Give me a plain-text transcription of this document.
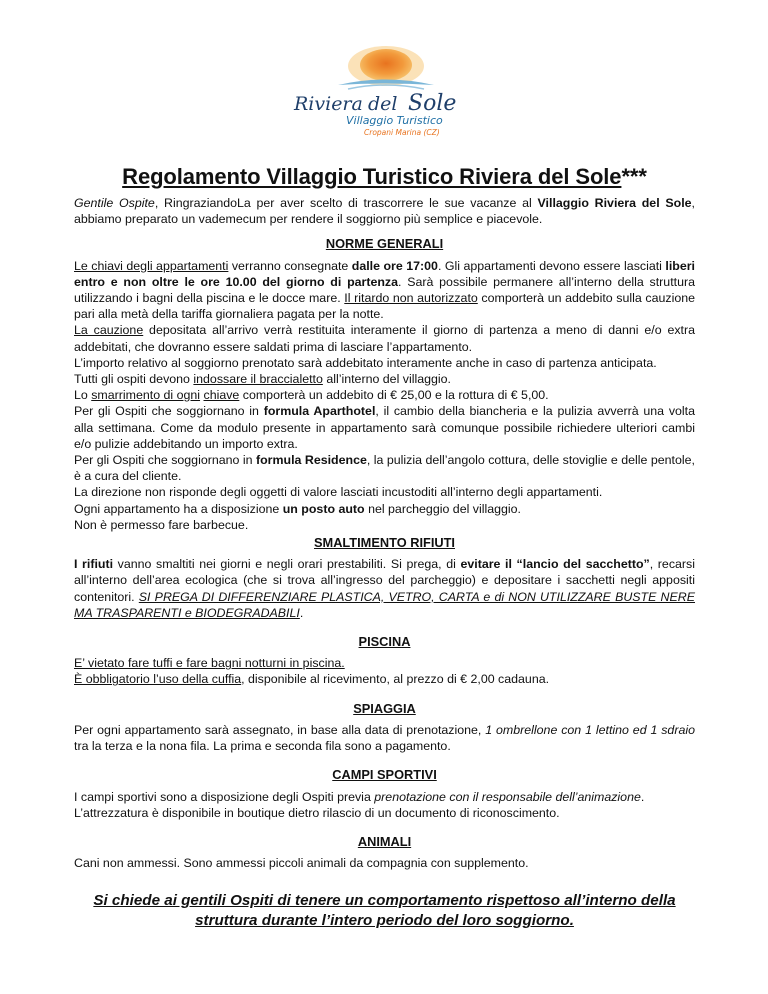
Riviera del Sole
Villaggio Turistico
Cropani Marina (CZ)
Regolamento Villaggio Turistico Riviera del Sole***

Gentile Ospite, RingraziandoLa per aver scelto di trascorrere le sue vacanze al Villaggio Riviera del Sole, abbiamo preparato un vademecum per rendere il soggiorno più semplice e piacevole.

NORME GENERALI

Le chiavi degli appartamenti verranno consegnate dalle ore 17:00. Gli appartamenti devono essere lasciati liberi entro e non oltre le ore 10.00 del giorno di partenza. Sarà possibile permanere all’interno della struttura utilizzando i bagni della piscina e le docce mare. Il ritardo non autorizzato comporterà un addebito sulla cauzione pari alla metà della tariffa giornaliera pagata per la notte.

La cauzione depositata all’arrivo verrà restituita interamente il giorno di partenza a meno di danni e/o extra addebitati, che dovranno essere saldati prima di lasciare l’appartamento.

L’importo relativo al soggiorno prenotato sarà addebitato interamente anche in caso di partenza anticipata.

Tutti gli ospiti devono indossare il braccialetto all’interno del villaggio.

Lo smarrimento di ogni chiave comporterà un addebito di € 25,00 e la rottura di € 5,00.

Per gli Ospiti che soggiornano in formula Aparthotel, il cambio della biancheria e la pulizia avverrà una volta alla settimana. Come da modulo presente in appartamento sarà comunque possibile richiedere ulteriori cambi e/o pulizie addebitando un importo extra.

Per gli Ospiti che soggiornano in formula Residence, la pulizia dell’angolo cottura, delle stoviglie e delle pentole, è a cura del cliente.

La direzione non risponde degli oggetti di valore lasciati incustoditi all’interno degli appartamenti.

Ogni appartamento ha a disposizione un posto auto nel parcheggio del villaggio.

Non è permesso fare barbecue.

SMALTIMENTO RIFIUTI

I rifiuti vanno smaltiti nei giorni e negli orari prestabiliti. Si prega, di evitare il “lancio del sacchetto”, recarsi all’interno dell’area ecologica (che si trova all’ingresso del parcheggio) e depositare i sacchetti negli appositi contenitori. SI PREGA DI DIFFERENZIARE PLASTICA, VETRO, CARTA e di NON UTILIZZARE BUSTE NERE MA TRASPARENTI e BIODEGRADABILI.

PISCINA

E’ vietato fare tuffi e fare bagni notturni in piscina.

È obbligatorio l’uso della cuffia, disponibile al ricevimento, al prezzo di € 2,00 cadauna.

SPIAGGIA

Per ogni appartamento sarà assegnato, in base alla data di prenotazione, 1 ombrellone con 1 lettino ed 1 sdraio tra la terza e la nona fila. La prima e seconda fila sono a pagamento.

CAMPI SPORTIVI

I campi sportivi sono a disposizione degli Ospiti previa prenotazione con il responsabile dell’animazione.

L’attrezzatura è disponibile in boutique dietro rilascio di un documento di riconoscimento.

ANIMALI

Cani non ammessi. Sono ammessi piccoli animali da compagnia con supplemento.

Si chiede ai gentili Ospiti di tenere un comportamento rispettoso all’interno della struttura durante l’intero periodo del loro soggiorno.
